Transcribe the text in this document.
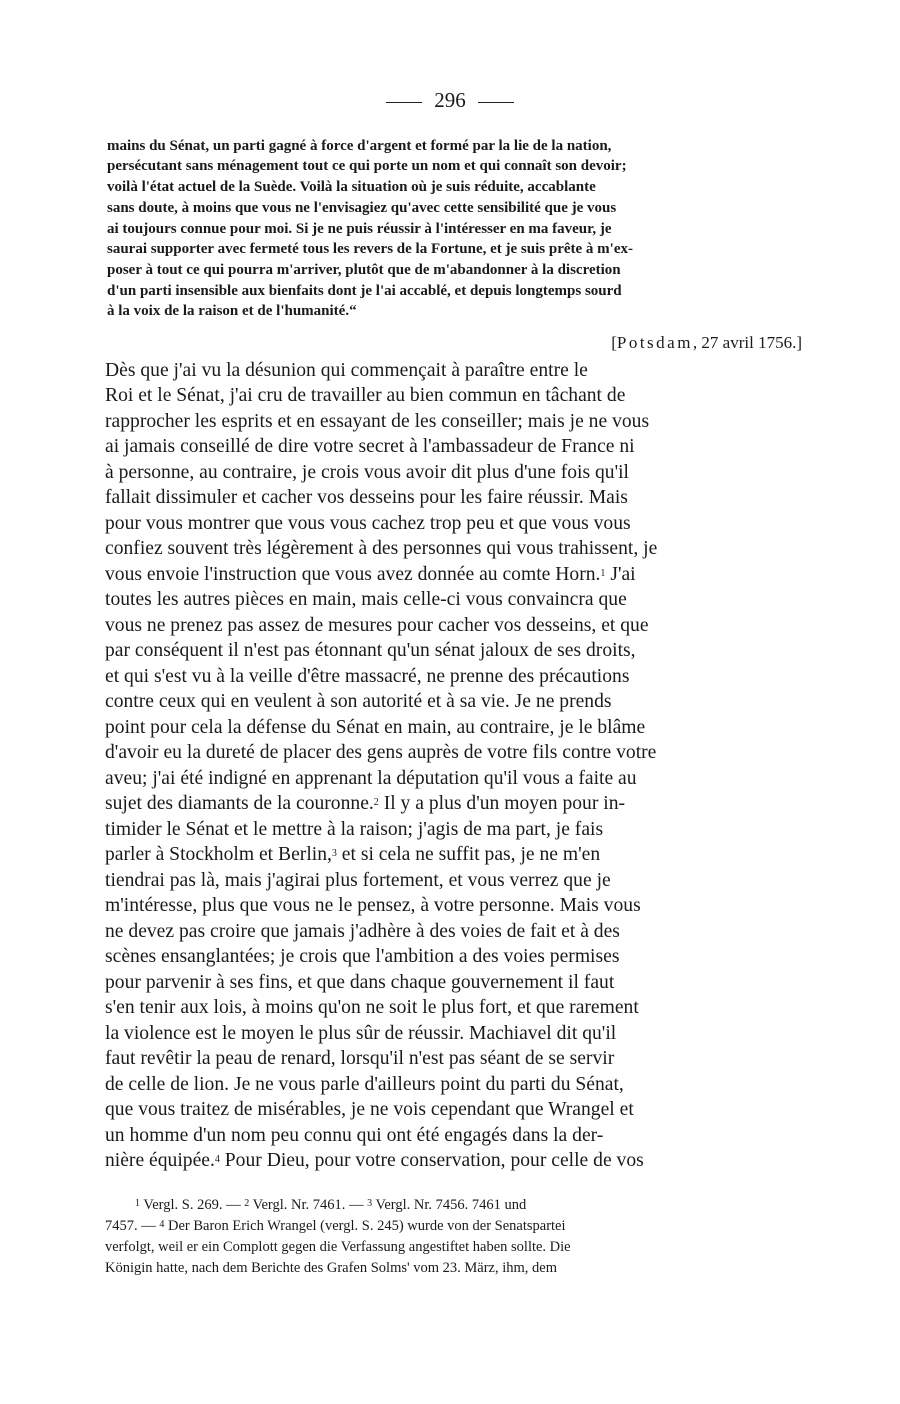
296
mains du Sénat, un parti gagné à force d'argent et formé par la lie de la nation,
persécutant sans ménagement tout ce qui porte un nom et qui connaît son devoir;
voilà l'état actuel de la Suède. Voilà la situation où je suis réduite, accablante
sans doute, à moins que vous ne l'envisagiez qu'avec cette sensibilité que je vous
ai toujours connue pour moi. Si je ne puis réussir à l'intéresser en ma faveur, je
saurai supporter avec fermeté tous les revers de la Fortune, et je suis prête à m'ex-
poser à tout ce qui pourra m'arriver, plutôt que de m'abandonner à la discretion
d'un parti insensible aux bienfaits dont je l'ai accablé, et depuis longtemps sourd
à la voix de la raison et de l'humanité.“
[Potsdam, 27 avril 1756.]
Dès que j'ai vu la désunion qui commençait à paraître entre le
Roi et le Sénat, j'ai cru de travailler au bien commun en tâchant de
rapprocher les esprits et en essayant de les conseiller; mais je ne vous
ai jamais conseillé de dire votre secret à l'ambassadeur de France ni
à personne, au contraire, je crois vous avoir dit plus d'une fois qu'il
fallait dissimuler et cacher vos desseins pour les faire réussir. Mais
pour vous montrer que vous vous cachez trop peu et que vous vous
confiez souvent très légèrement à des personnes qui vous trahissent, je
vous envoie l'instruction que vous avez donnée au comte Horn.$^1$ J'ai
toutes les autres pièces en main, mais celle-ci vous convaincra que
vous ne prenez pas assez de mesures pour cacher vos desseins, et que
par conséquent il n'est pas étonnant qu'un sénat jaloux de ses droits,
et qui s'est vu à la veille d'être massacré, ne prenne des précautions
contre ceux qui en veulent à son autorité et à sa vie. Je ne prends
point pour cela la défense du Sénat en main, au contraire, je le blâme
d'avoir eu la dureté de placer des gens auprès de votre fils contre votre
aveu; j'ai été indigné en apprenant la députation qu'il vous a faite au
sujet des diamants de la couronne.$^2$ Il y a plus d'un moyen pour in-
timider le Sénat et le mettre à la raison; j'agis de ma part, je fais
parler à Stockholm et Berlin,$^3$ et si cela ne suffit pas, je ne m'en
tiendrai pas là, mais j'agirai plus fortement, et vous verrez que je
m'intéresse, plus que vous ne le pensez, à votre personne. Mais vous
ne devez pas croire que jamais j'adhère à des voies de fait et à des
scènes ensanglantées; je crois que l'ambition a des voies permises
pour parvenir à ses fins, et que dans chaque gouvernement il faut
s'en tenir aux lois, à moins qu'on ne soit le plus fort, et que rarement
la violence est le moyen le plus sûr de réussir. Machiavel dit qu'il
faut revêtir la peau de renard, lorsqu'il n'est pas séant de se servir
de celle de lion. Je ne vous parle d'ailleurs point du parti du Sénat,
que vous traitez de misérables, je ne vois cependant que Wrangel et
un homme d'un nom peu connu qui ont été engagés dans la der-
nière équipée.$^4$ Pour Dieu, pour votre conservation, pour celle de vos
$^1$ Vergl. S. 269. — $^2$ Vergl. Nr. 7461. — $^3$ Vergl. Nr. 7456. 7461 und
7457. — $^4$ Der Baron Erich Wrangel (vergl. S. 245) wurde von der Senatspartei
verfolgt, weil er ein Complott gegen die Verfassung angestiftet haben sollte. Die
Königin hatte, nach dem Berichte des Grafen Solms' vom 23. März, ihm, dem
